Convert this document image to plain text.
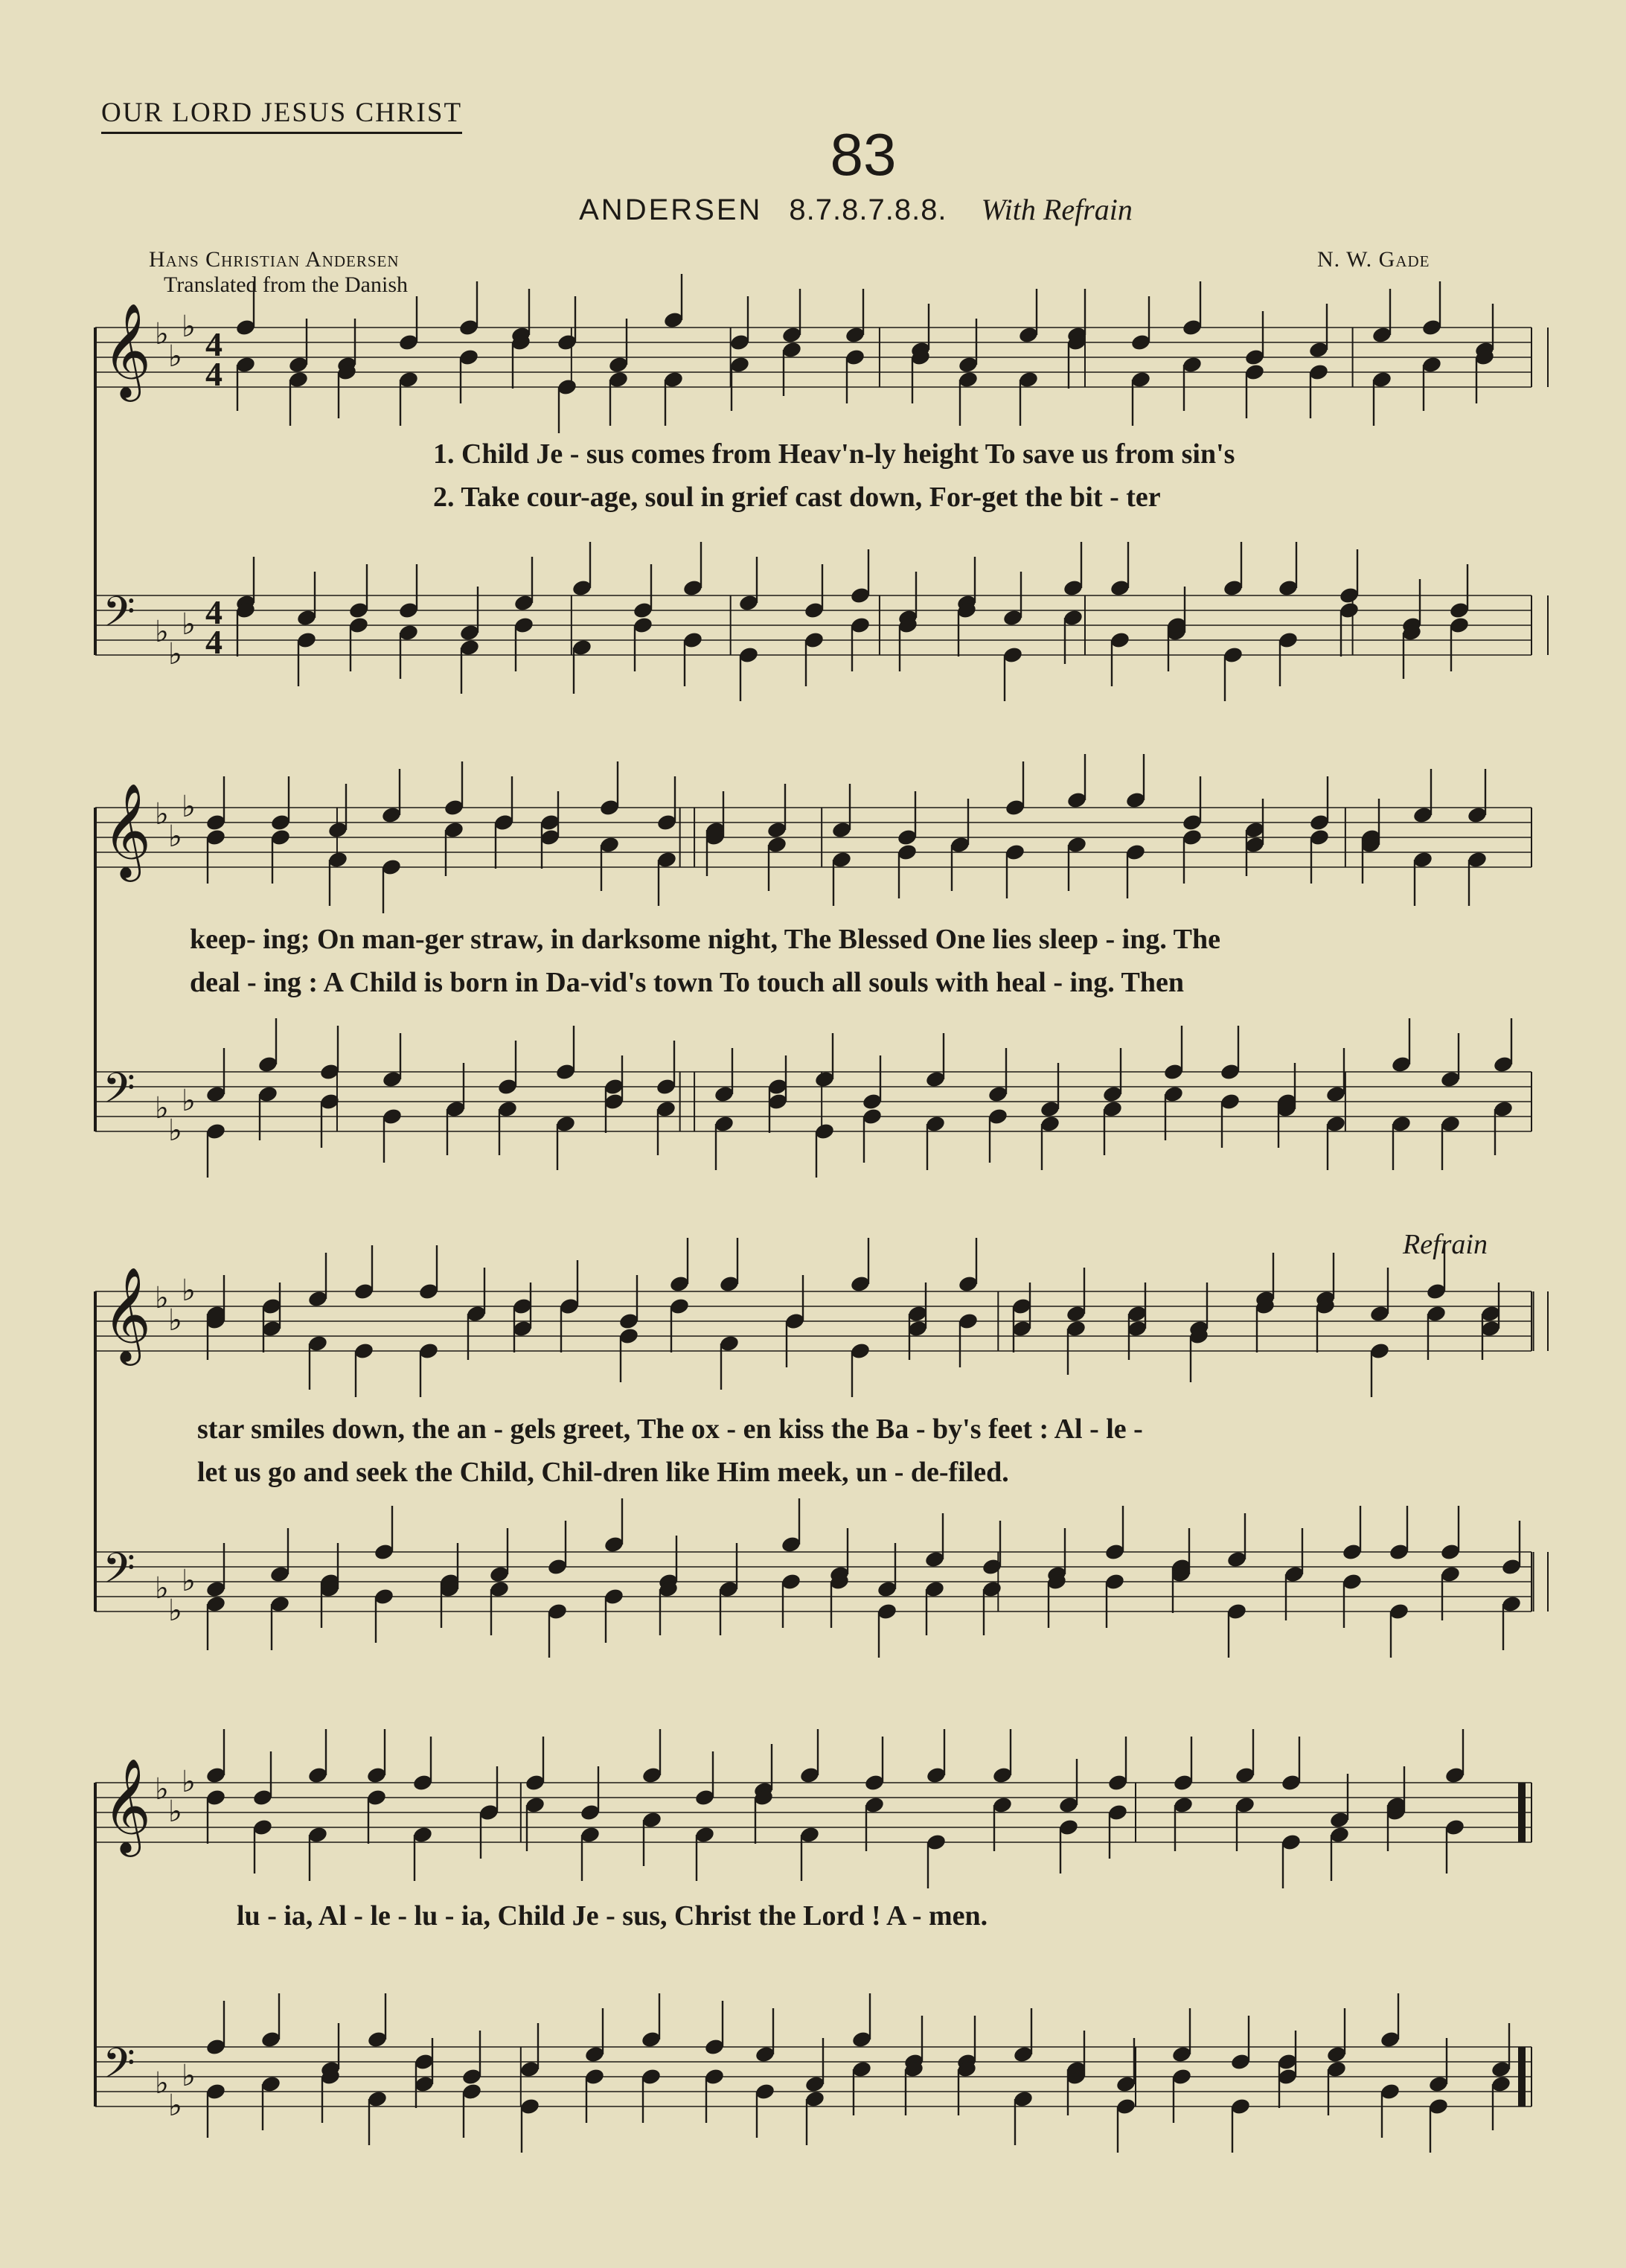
OUR LORD JESUS CHRIST
83
ANDERSEN 8.7.8.7.8.8. With Refrain
Hans Christian Andersen
Translated from the Danish
N. W. Gade
Refrain
𝄞 ♭
♭
♭ 4
4
𝄢 ♭
♭
♭ 4
4
𝄞 ♭
♭
♭
𝄢 ♭
♭
♭
𝄞 ♭
♭
♭
𝄢 ♭
♭
♭
𝄞 ♭
♭
♭
𝄢 ♭
♭
♭
1. Child Je - sus comes from Heav'n-ly height To save us from sin's
2. Take cour-age, soul in grief cast down, For-get the bit - ter
keep- ing; On man-ger straw, in darksome night, The Blessed One lies sleep - ing. The
deal - ing : A Child is born in Da-vid's town To touch all souls with heal - ing. Then
star smiles down, the an - gels greet, The ox - en kiss the Ba - by's feet : Al - le -
let us go and seek the Child, Chil-dren like Him meek, un - de-filed.
lu - ia, Al - le - lu - ia, Child Je - sus, Christ the Lord ! A - men.
